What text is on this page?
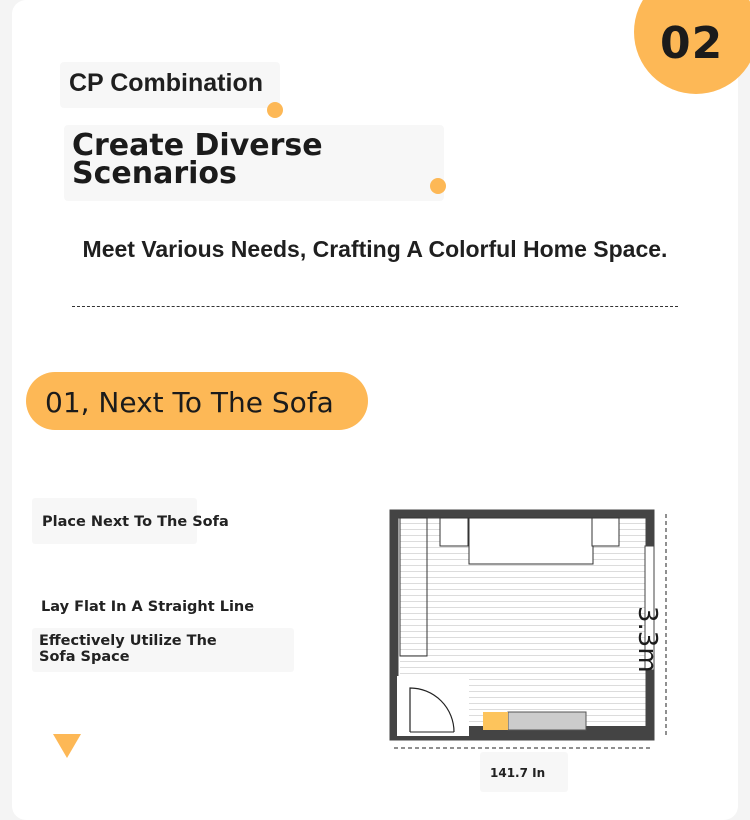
02
CP Combination
Create Diverse
Scenarios
Meet Various Needs, Crafting A Colorful Home Space.
01, Next To The Sofa
Place Next To The Sofa
Lay Flat In A Straight Line
Effectively Utilize The Sofa Space
141.7 In
3.3m
